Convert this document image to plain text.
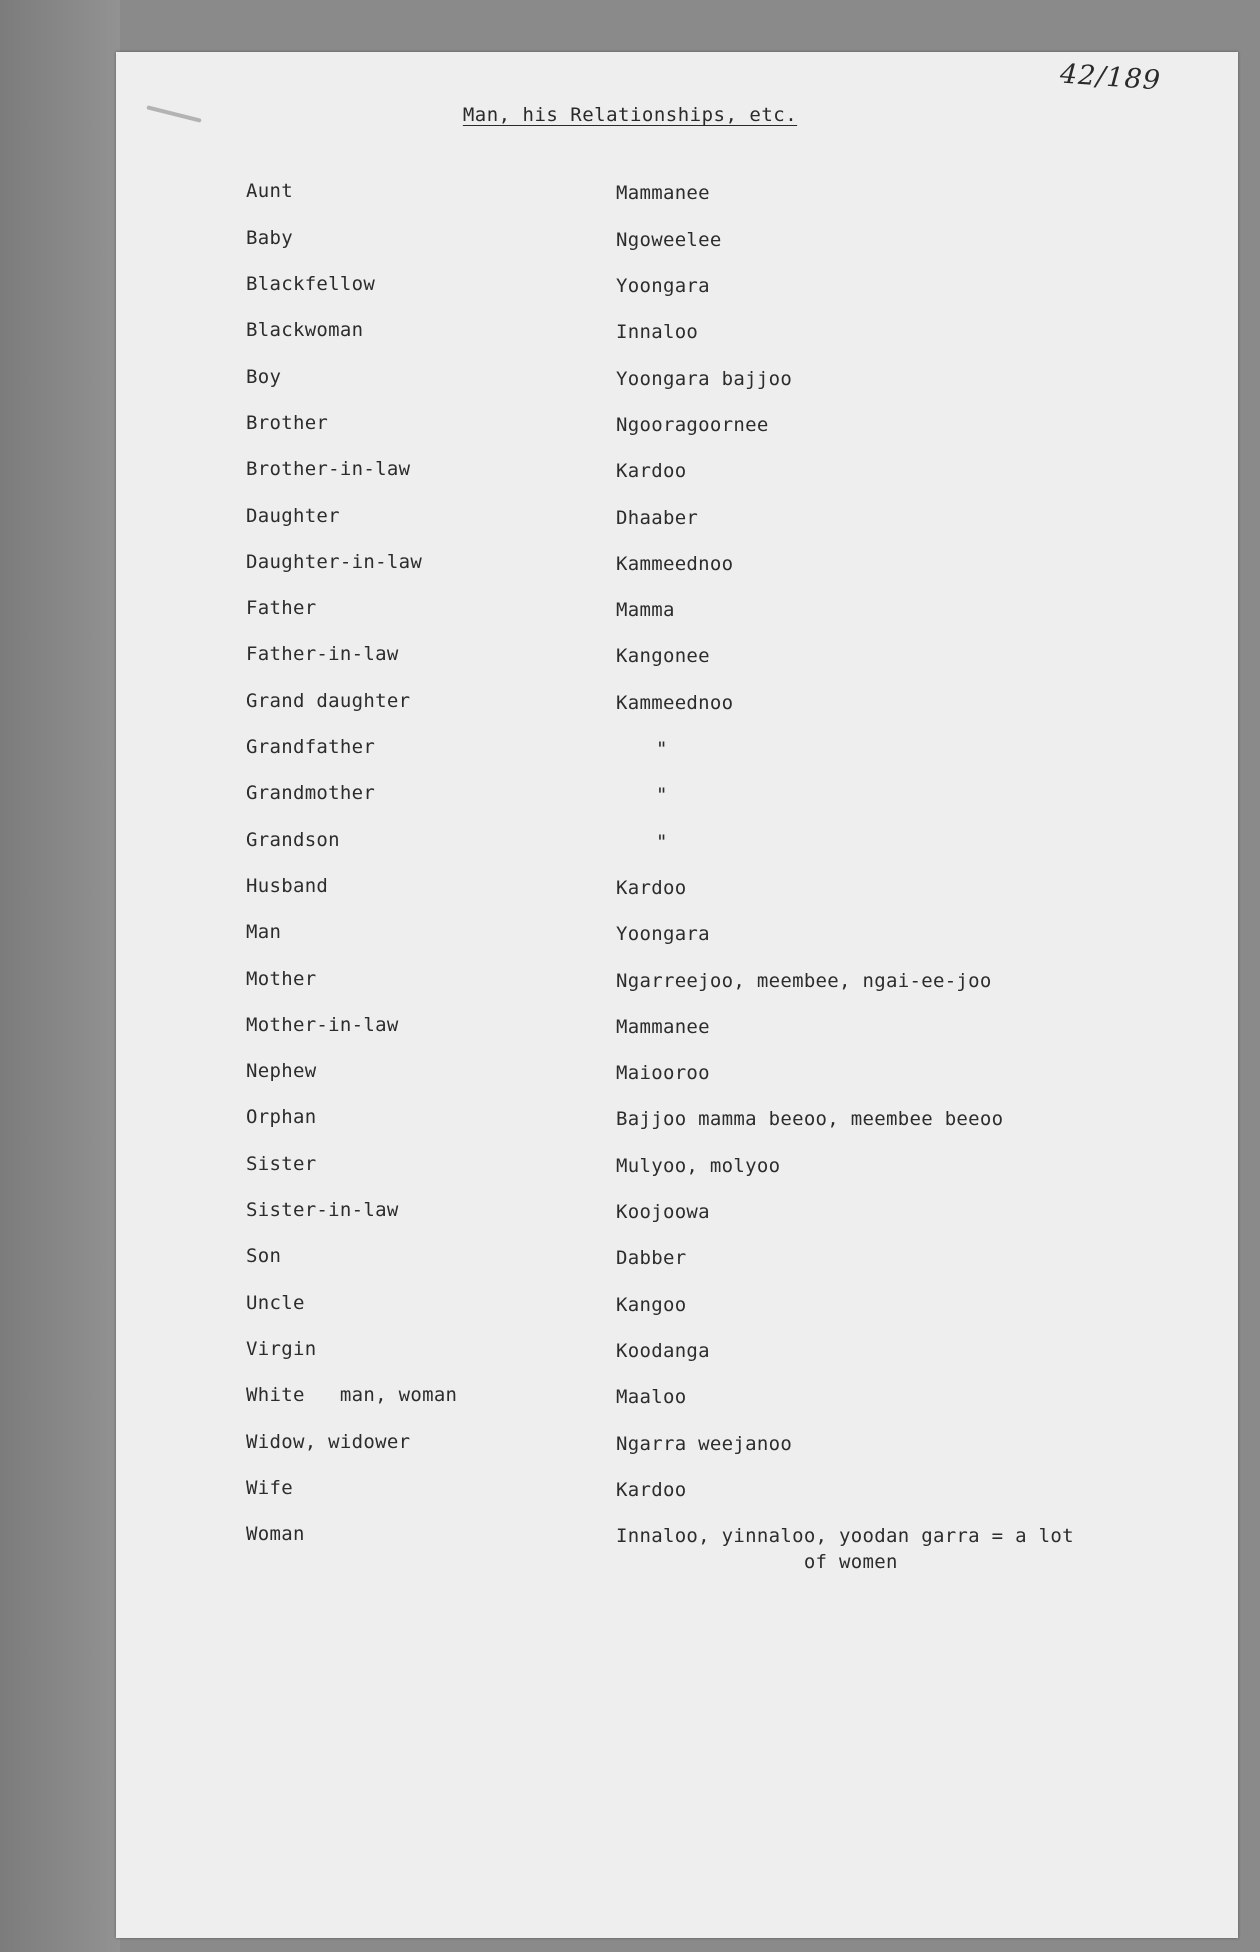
42/189
Man, his Relationships, etc.
Aunt	Mammanee
Baby	Ngoweelee
Blackfellow	Yoongara
Blackwoman	Innaloo
Boy	Yoongara bajjoo
Brother	Ngooragoornee
Brother-in-law	Kardoo
Daughter	Dhaaber
Daughter-in-law	Kammeednoo
Father	Mamma
Father-in-law	Kangonee
Grand daughter	Kammeednoo
Grandfather	"
Grandmother	"
Grandson	"
Husband	Kardoo
Man	Yoongara
Mother	Ngarreejoo, meembee, ngai-ee-joo
Mother-in-law	Mammanee
Nephew	Maiooroo
Orphan	Bajjoo mamma beeoo, meembee beeoo
Sister	Mulyoo, molyoo
Sister-in-law	Koojoowa
Son	Dabber
Uncle	Kangoo
Virgin	Koodanga
White   man, woman	Maaloo
Widow, widower	Ngarra weejanoo
Wife	Kardoo
Woman	Innaloo, yinnaloo, yoodan garra = a lot
of women
